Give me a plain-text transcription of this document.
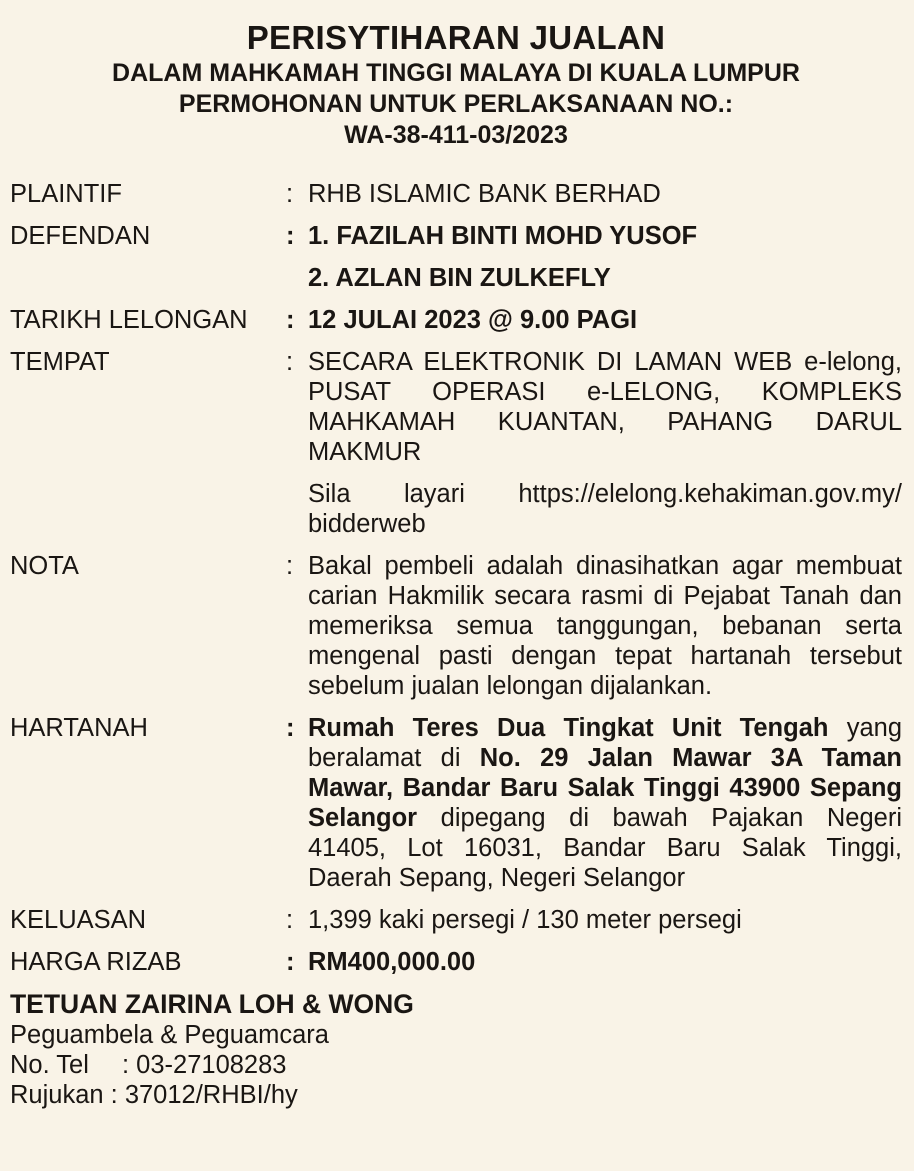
PERISYTIHARAN JUALAN
DALAM MAHKAMAH TINGGI MALAYA DI KUALA LUMPUR
PERMOHONAN UNTUK PERLAKSANAAN NO.:
WA-38-411-03/2023
PLAINTIF	: RHB ISLAMIC BANK BERHAD
DEFENDAN	: 1. FAZILAH BINTI MOHD YUSOF
2. AZLAN BIN ZULKEFLY
TARIKH LELONGAN	: 12 JULAI 2023 @ 9.00 PAGI
TEMPAT	: SECARA ELEKTRONIK DI LAMAN WEB e-lelong, PUSAT OPERASI e-LELONG, KOMPLEKS MAHKAMAH KUANTAN, PAHANG DARUL MAKMUR
Sila layari https://elelong.kehakiman.gov.my/ bidderweb
NOTA	: Bakal pembeli adalah dinasihatkan agar membuat carian Hakmilik secara rasmi di Pejabat Tanah dan memeriksa semua tanggungan, bebanan serta mengenal pasti dengan tepat hartanah tersebut sebelum jualan lelongan dijalankan.
HARTANAH	: Rumah Teres Dua Tingkat Unit Tengah yang beralamat di No. 29 Jalan Mawar 3A Taman Mawar, Bandar Baru Salak Tinggi 43900 Sepang Selangor dipegang di bawah Pajakan Negeri 41405, Lot 16031, Bandar Baru Salak Tinggi, Daerah Sepang, Negeri Selangor
KELUASAN	: 1,399 kaki persegi / 130 meter persegi
HARGA RIZAB	: RM400,000.00
TETUAN ZAIRINA LOH & WONG
Peguambela & Peguamcara
No. Tel : 03-27108283
Rujukan : 37012/RHBI/hy
